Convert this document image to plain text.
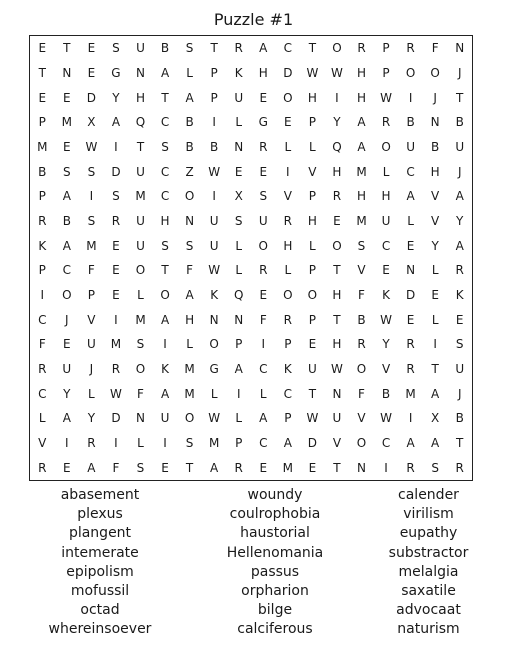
Puzzle #1
E	T	E	S	U	B	S	T	R	A	C	T	O	R	P	R	F	N
T	N	E	G	N	A	L	P	K	H	D	W	W	H	P	O	O	J
E	E	D	Y	H	T	A	P	U	E	O	H	I	H	W	I	J	T
P	M	X	A	Q	C	B	I	L	G	E	P	Y	A	R	B	N	B
M	E	W	I	T	S	B	B	N	R	L	L	Q	A	O	U	B	U
B	S	S	D	U	C	Z	W	E	E	I	V	H	M	L	C	H	J
P	A	I	S	M	C	O	I	X	S	V	P	R	H	H	A	V	A
R	B	S	R	U	H	N	U	S	U	R	H	E	M	U	L	V	Y
K	A	M	E	U	S	S	U	L	O	H	L	O	S	C	E	Y	A
P	C	F	E	O	T	F	W	L	R	L	P	T	V	E	N	L	R
I	O	P	E	L	O	A	K	Q	E	O	O	H	F	K	D	E	K
C	J	V	I	M	A	H	N	N	F	R	P	T	B	W	E	L	E
F	E	U	M	S	I	L	O	P	I	P	E	H	R	Y	R	I	S
R	U	J	R	O	K	M	G	A	C	K	U	W	O	V	R	T	U
C	Y	L	W	F	A	M	L	I	L	C	T	N	F	B	M	A	J
L	A	Y	D	N	U	O	W	L	A	P	W	U	V	W	I	X	B
V	I	R	I	L	I	S	M	P	C	A	D	V	O	C	A	A	T
R	E	A	F	S	E	T	A	R	E	M	E	T	N	I	R	S	R
abasement	woundy	calender
plexus	coulrophobia	virilism
plangent	haustorial	eupathy
intemerate	Hellenomania	substractor
epipolism	passus	melalgia
mofussil	orpharion	saxatile
octad	bilge	advocaat
whereinsoever	calciferous	naturism
